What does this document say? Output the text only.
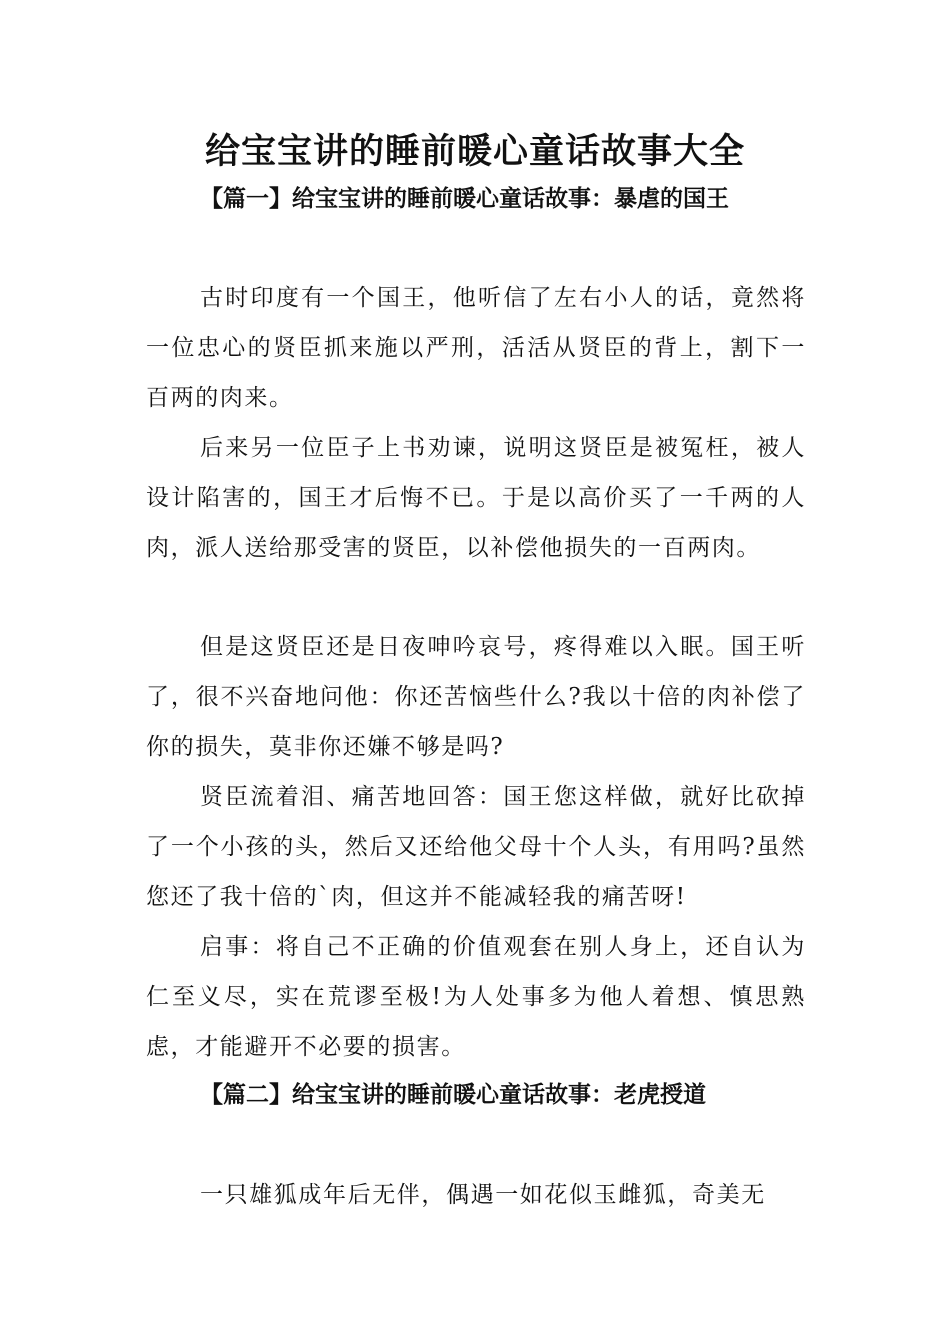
给宝宝讲的睡前暖心童话故事大全
【篇一】给宝宝讲的睡前暖心童话故事：暴虐的国王

古时印度有一个国王，他听信了左右小人的话，竟然将一位忠心的贤臣抓来施以严刑，活活从贤臣的背上，割下一百两的肉来。

后来另一位臣子上书劝谏，说明这贤臣是被冤枉，被人设计陷害的，国王才后悔不已。于是以高价买了一千两的人肉，派人送给那受害的贤臣，以补偿他损失的一百两肉。

但是这贤臣还是日夜呻吟哀号，疼得难以入眠。国王听了，很不兴奋地问他：你还苦恼些什么?我以十倍的肉补偿了你的损失，莫非你还嫌不够是吗?

贤臣流着泪、痛苦地回答：国王您这样做，就好比砍掉了一个小孩的头，然后又还给他父母十个人头，有用吗?虽然您还了我十倍的`肉，但这并不能减轻我的痛苦呀!

启事：将自己不正确的价值观套在别人身上，还自认为仁至义尽，实在荒谬至极!为人处事多为他人着想、慎思熟虑，才能避开不必要的损害。

【篇二】给宝宝讲的睡前暖心童话故事：老虎授道

一只雄狐成年后无伴，偶遇一如花似玉雌狐，奇美无
